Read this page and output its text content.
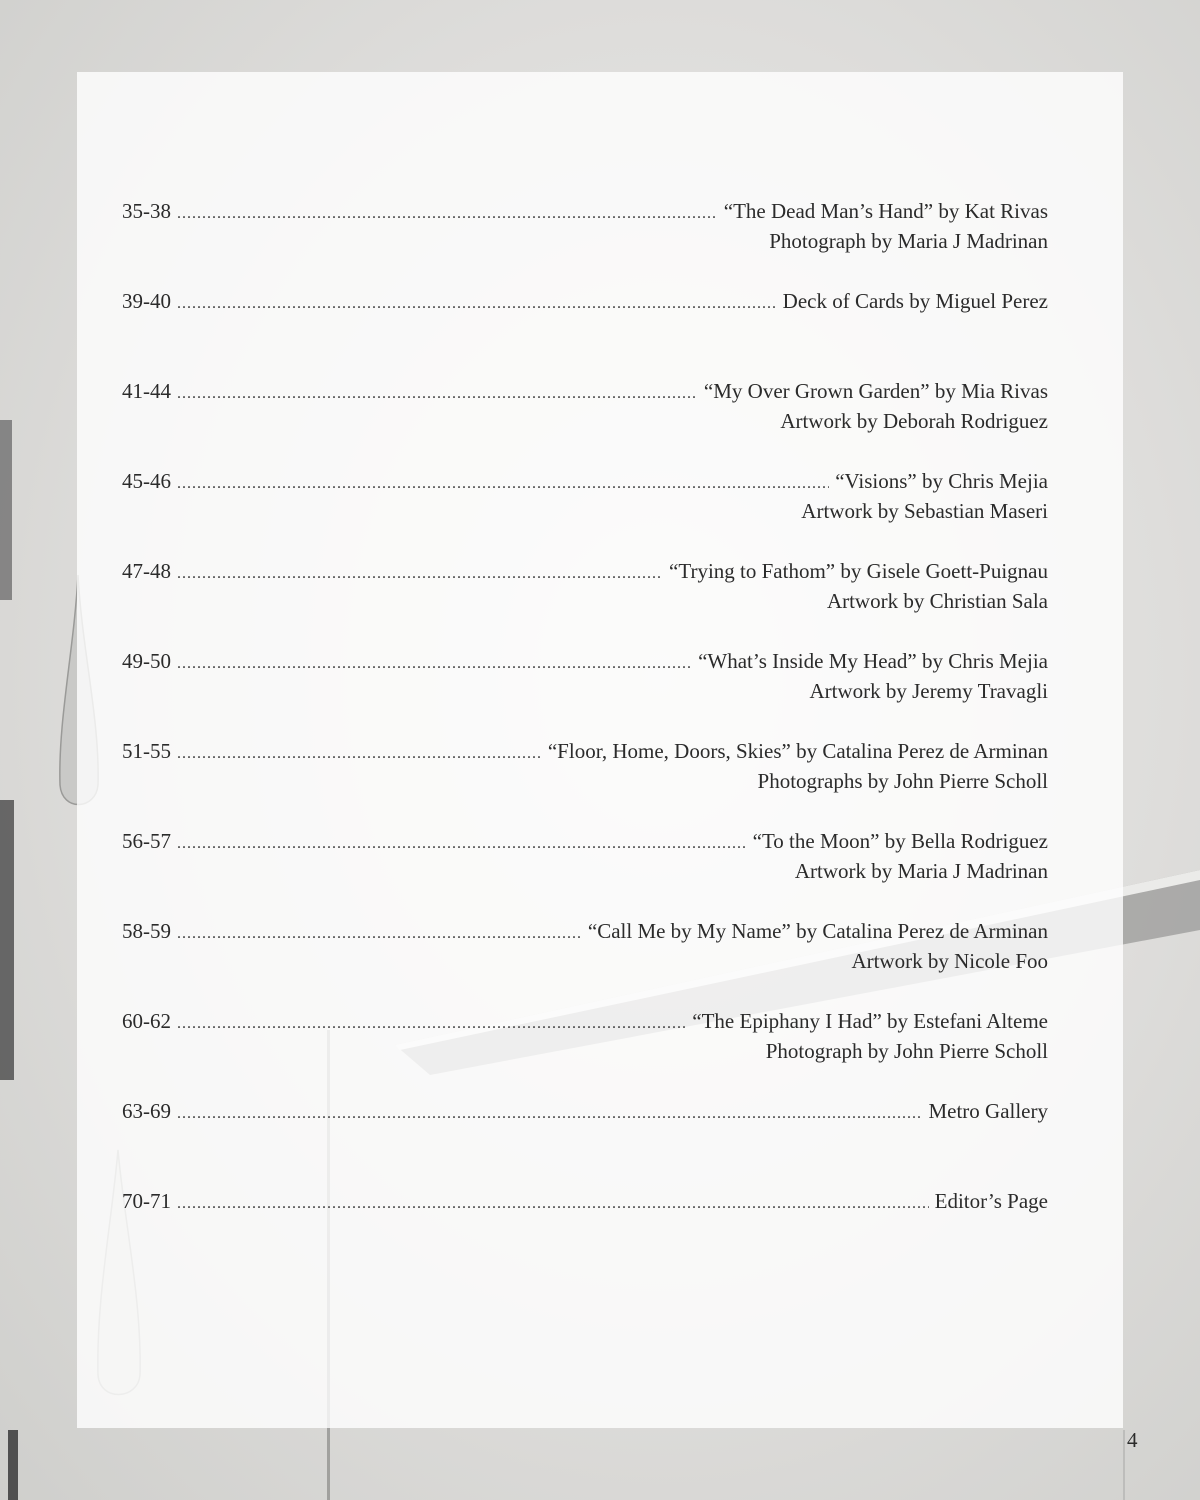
35-38 .....	“The Dead Man’s Hand” by Kat Rivas
Photograph by Maria J Madrinan
39-40 .....	Deck of Cards by Miguel Perez
41-44 .....	“My Over Grown Garden” by Mia Rivas
Artwork by Deborah Rodriguez
45-46 .....	“Visions” by Chris Mejia
Artwork by Sebastian Maseri
47-48 .....	“Trying to Fathom” by Gisele Goett-Puignau
Artwork by Christian Sala
49-50 .....	“What’s Inside My Head” by Chris Mejia
Artwork by Jeremy Travagli
51-55 .....	“Floor, Home, Doors, Skies” by Catalina Perez de Arminan
Photographs by John Pierre Scholl
56-57 .....	“To the Moon” by Bella Rodriguez
Artwork by Maria J Madrinan
58-59 .....	“Call Me by My Name” by Catalina Perez de Arminan
Artwork by Nicole Foo
60-62 .....	“The Epiphany I Had” by Estefani Alteme
Photograph by John Pierre Scholl
63-69 .....	Metro Gallery
70-71 .....	Editor’s Page
4
